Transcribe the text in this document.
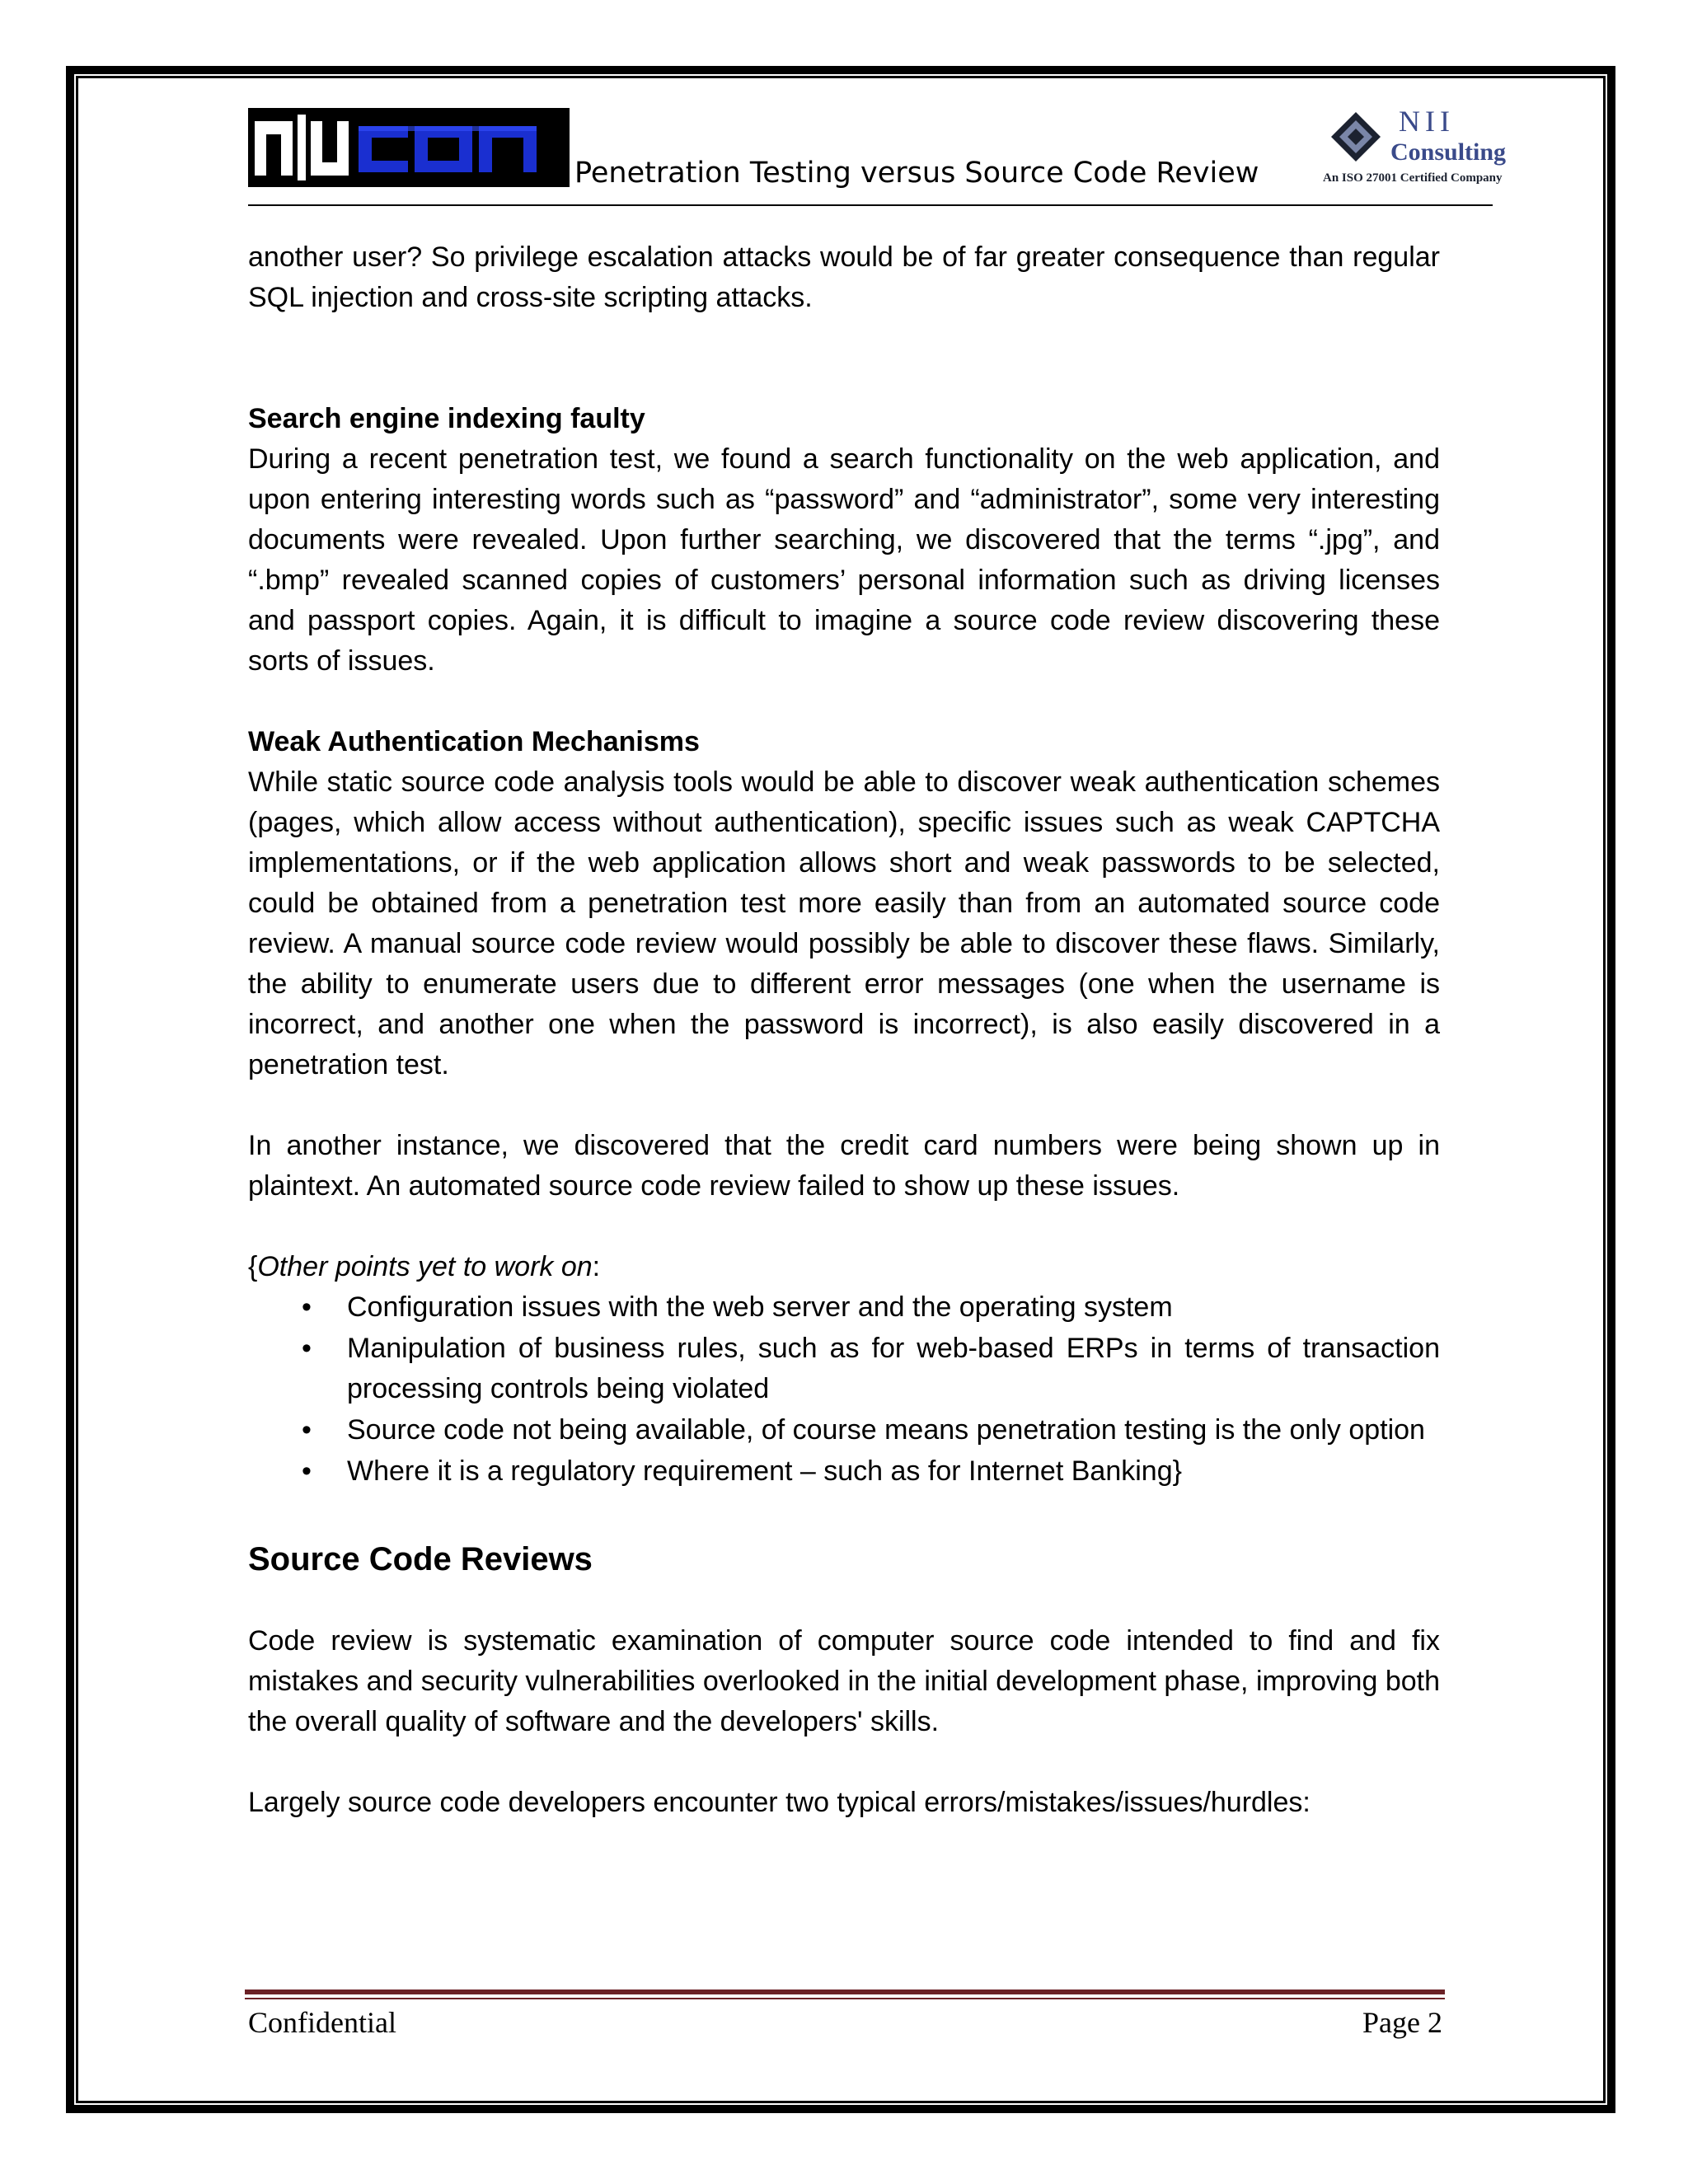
Penetration Testing versus Source Code Review
NII
Consulting
An ISO 27001 Certified Company

another user? So privilege escalation attacks would be of far greater consequence than regular SQL injection and cross-site scripting attacks.

Search engine indexing faulty

During a recent penetration test, we found a search functionality on the web application, and upon entering interesting words such as “password” and “administrator”, some very interesting documents were revealed. Upon further searching, we discovered that the terms “.jpg”, and “.bmp” revealed scanned copies of customers’ personal information such as driving licenses and passport copies. Again, it is difficult to imagine a source code review discovering these sorts of issues.

Weak Authentication Mechanisms

While static source code analysis tools would be able to discover weak authentication schemes (pages, which allow access without authentication), specific issues such as weak CAPTCHA implementations, or if the web application allows short and weak passwords to be selected, could be obtained from a penetration test more easily than from an automated source code review. A manual source code review would possibly be able to discover these flaws. Similarly, the ability to enumerate users due to different error messages (one when the username is incorrect, and another one when the password is incorrect), is also easily discovered in a penetration test.

In another instance, we discovered that the credit card numbers were being shown up in plaintext. An automated source code review failed to show up these issues.

{Other points yet to work on:

• Configuration issues with the web server and the operating system
• Manipulation of business rules, such as for web-based ERPs in terms of transaction processing controls being violated
• Source code not being available, of course means penetration testing is the only option
• Where it is a regulatory requirement – such as for Internet Banking}
Source Code Reviews

Code review is systematic examination of computer source code intended to find and fix mistakes and security vulnerabilities overlooked in the initial development phase, improving both the overall quality of software and the developers' skills.

Largely source code developers encounter two typical errors/mistakes/issues/hurdles:

Confidential	Page 2
